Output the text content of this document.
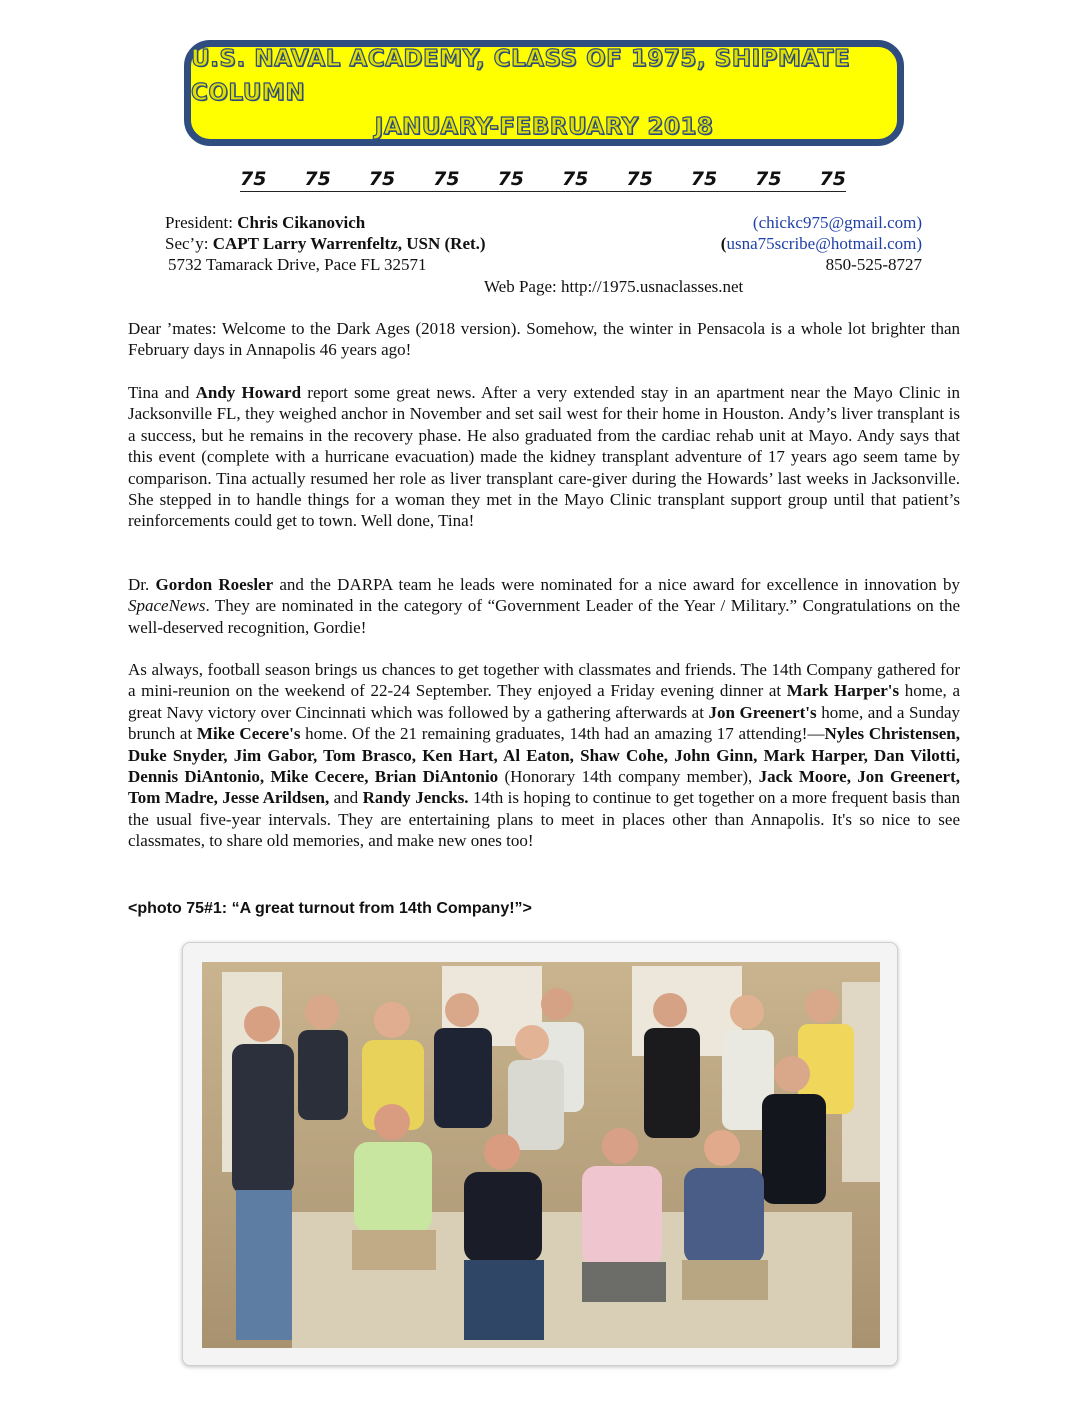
U.S. NAVAL ACADEMY, CLASS OF 1975, SHIPMATE COLUMN
JANUARY-FEBRUARY 2018
75 75 75 75 75 75 75 75 75 75
President: Chris Cikanovich	(chickc975@gmail.com)
Sec’y: CAPT Larry Warrenfeltz, USN (Ret.)	(usna75scribe@hotmail.com)
5732 Tamarack Drive, Pace FL 32571	850-525-8727
Web Page: http://1975.usnaclasses.net

Dear ’mates: Welcome to the Dark Ages (2018 version). Somehow, the winter in Pensacola is a whole lot brighter than February days in Annapolis 46 years ago!

Tina and Andy Howard report some great news. After a very extended stay in an apartment near the Mayo Clinic in Jacksonville FL, they weighed anchor in November and set sail west for their home in Houston. Andy’s liver transplant is a success, but he remains in the recovery phase. He also graduated from the cardiac rehab unit at Mayo. Andy says that this event (complete with a hurricane evacuation) made the kidney transplant adventure of 17 years ago seem tame by comparison. Tina actually resumed her role as liver transplant care-giver during the Howards’ last weeks in Jacksonville. She stepped in to handle things for a woman they met in the Mayo Clinic transplant support group until that patient’s reinforcements could get to town. Well done, Tina!

Dr. Gordon Roesler and the DARPA team he leads were nominated for a nice award for excellence in innovation by SpaceNews. They are nominated in the category of “Government Leader of the Year / Military.” Congratulations on the well-deserved recognition, Gordie!

As always, football season brings us chances to get together with classmates and friends. The 14th Company gathered for a mini-reunion on the weekend of 22-24 September. They enjoyed a Friday evening dinner at Mark Harper's home, a great Navy victory over Cincinnati which was followed by a gathering afterwards at Jon Greenert's home, and a Sunday brunch at Mike Cecere's home. Of the 21 remaining graduates, 14th had an amazing 17 attending!—Nyles Christensen, Duke Snyder, Jim Gabor, Tom Brasco, Ken Hart, Al Eaton, Shaw Cohe, John Ginn, Mark Harper, Dan Vilotti, Dennis DiAntonio, Mike Cecere, Brian DiAntonio (Honorary 14th company member), Jack Moore, Jon Greenert, Tom Madre, Jesse Arildsen, and Randy Jencks. 14th is hoping to continue to get together on a more frequent basis than the usual five-year intervals. They are entertaining plans to meet in places other than Annapolis. It's so nice to see classmates, to share old memories, and make new ones too!

<photo 75#1: “A great turnout from 14th Company!”>
